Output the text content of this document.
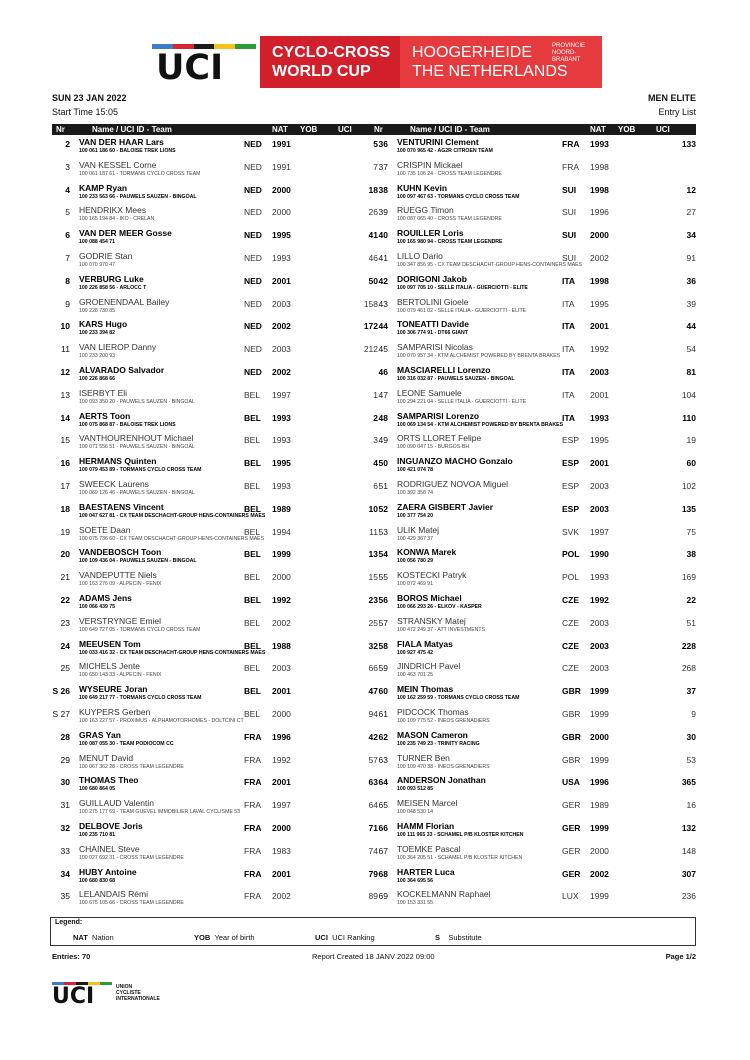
UCI	CYCLO-CROSS
WORLD CUP
HOOGERHEIDE
THE NETHERLANDS
PROVINCIE
NOORD-BRABANT
SUN 23 JAN 2022
Start Time 15:05
MEN ELITE
Entry List
Nr	Name / UCI ID - Team	NAT YOB	UCI
2 VAN DER HAAR Lars
100 061 186 60 - BALOISE TREK LIONS
NED 1991	5
3 VAN KESSEL Corne
100 061 187 61 - TORMANS CYCLO CROSS TEAM
NED 1991	7
4 KAMP Ryan
100 233 563 66 - PAUWELS SAUZEN - BINGOAL
NED 2000	18
5 HENDRIKX Mees
100 165 194 84 - IKO - CRELAN
NED 2000	26
6 VAN DER MEER Gosse
100 088 454 71
NED 1995	41
7 GODRIE Stan
100 070 970 47
NED 1993	46
8 VERBURG Luke
100 226 858 56 - ARLOCC T
NED 2001	50
9 GROENENDAAL Bailey
100 228 730 85
NED 2003	158
10 KARS Hugo
100 233 394 82
NED 2002	172
11 VAN LIEROP Danny
100 233 200 93
NED 2003	212
12 ALVARADO Salvador
100 226 868 66
NED 2002
13 ISERBYT Eli
100 093 350 20 - PAUWELS SAUZEN - BINGOAL
BEL 1997	1
14 AERTS Toon
100 075 868 87 - BALOISE TREK LIONS
BEL 1993	2
15 VANTHOURENHOUT Michael
100 071 556 51 - PAUWELS SAUZEN - BINGOAL
BEL 1993	3
16 HERMANS Quinten
100 079 453 89 - TORMANS CYCLO CROSS TEAM
BEL 1995	4
17 SWEECK Laurens
100 069 126 46 - PAUWELS SAUZEN - BINGOAL
BEL 1993	6
18 BAESTAENS Vincent
100 047 627 81 - CX TEAM DESCHACHT-GROUP HENS-CONTAINERS MAES
BEL 1989	10
19 SOETE Daan
100 075 736 60 - CX TEAM DESCHACHT-GROUP HENS-CONTAINERS MAES
BEL 1994	11
20 VANDEBOSCH Toon
100 109 436 04 - PAUWELS SAUZEN - BINGOAL
BEL 1999	13
21 VANDEPUTTE Niels
100 163 276 09 - ALPECIN - FENIX
BEL 2000	15
22 ADAMS Jens
100 066 439 75
BEL 1992	23
23 VERSTRYNGE Emiel
100 649 727 05 - TORMANS CYCLO CROSS TEAM
BEL 2002	25
24 MEEUSEN Tom
100 033 416 32 - CX TEAM DESCHACHT-GROUP HENS-CONTAINERS MAES
BEL 1988	32
25 MICHELS Jente
100 650 143 33 - ALPECIN - FENIX
BEL 2003	66
S 26 WYSEURE Joran
100 649 217 77 - TORMANS CYCLO CROSS TEAM
BEL 2001	47
S 27 KUYPERS Gerben
100 163 227 57 - PROXIMUS - ALPHAMOTORHOMES - DOLTCINI CT
BEL 2000	94
28 GRAS Yan
100 087 055 30 - TEAM PODIOCOM CC
FRA 1996	42
29 MENUT David
100 067 362 28 - CROSS TEAM LEGENDRE
FRA 1992	57
30 THOMAS Theo
100 680 864 05
FRA 2001	63
31 GUILLAUD Valentin
100 275 177 69 - TEAM GUEVEL IMMOBILIER LAVAL CYCLISME 53
FRA 1997	64
32 DELBOVE Joris
100 235 710 81
FRA 2000	71
33 CHAINEL Steve
100 027 692 31 - CROSS TEAM LEGENDRE
FRA 1983	74
34 HUBY Antoine
100 680 830 68
FRA 2001	79
35 LELANDAIS Rémi
100 675 105 66 - CROSS TEAM LEGENDRE
FRA 2002	89
Nr	Name / UCI ID - Team	NAT YOB	UCI
36 VENTURINI Clement
100 070 965 42 - AG2R CITROEN TEAM
FRA 1993	133
37 CRISPIN Mickael
100 735 106 24 - CROSS TEAM LEGENDRE
FRA 1998
38 KUHN Kevin
100 097 467 63 - TORMANS CYCLO CROSS TEAM
SUI 1998	12
39 RUEGG Timon
100 087 065 40 - CROSS TEAM LEGENDRE
SUI 1996	27
40 ROUILLER Loris
100 165 980 94 - CROSS TEAM LEGENDRE
SUI 2000	34
41 LILLO Dario
100 347 856 95 - CX TEAM DESCHACHT-GROUP HENS-CONTAINERS MAES
SUI 2002	91
42 DORIGONI Jakob
100 097 705 10 - SELLE ITALIA - GUERCIOTTI - ELITE
ITA 1998	36
43 BERTOLINI Gioele
100 079 461 02 - SELLE ITALIA - GUERCIOTTI - ELITE
ITA 1995	39
44 TONEATTI Davide
100 306 774 91 - DT66 GIANT
ITA 2001	44
45 SAMPARISI Nicolas
100 070 957 34 - KTM ALCHEMIST POWERED BY BRENTA BRAKES
ITA 1992	54
46 MASCIARELLI Lorenzo
100 316 032 87 - PAUWELS SAUZEN - BINGOAL
ITA 2003	81
47 LEONE Samuele
100 294 221 04 - SELLE ITALIA - GUERCIOTTI - ELITE
ITA 2001	104
48 SAMPARISI Lorenzo
100 069 134 54 - KTM ALCHEMIST POWERED BY BRENTA BRAKES
ITA 1993	110
49 ORTS LLORET Felipe
100 090 047 15 - BURGOS-BH
ESP 1995	19
50 INGUANZO MACHO Gonzalo
100 421 074 78
ESP 2001	60
51 RODRIGUEZ NOVOA Miguel
100 392 358 74
ESP 2003	102
52 ZAERA GISBERT Javier
100 377 754 20
ESP 2003	135
53 ULIK Matej
100 429 367 37
SVK 1997	75
54 KONWA Marek
100 056 780 29
POL 1990	38
55 KOSTECKI Patryk
100 072 469 91
POL 1993	169
56 BOROS Michael
100 066 293 26 - ELKOV - KASPER
CZE 1992	22
57 STRANSKY Matej
100 472 249 37 - ATT INVESTMENTS
CZE 2003	51
58 FIALA Matyas
100 927 475 42
CZE 2003	228
59 JINDRICH Pavel
100 463 701 25
CZE 2003	268
60 MEIN Thomas
100 162 259 59 - TORMANS CYCLO CROSS TEAM
GBR 1999	37
61 PIDCOCK Thomas
100 109 775 52 - INEOS GRENADIERS
GBR 1999	9
62 MASON Cameron
100 235 749 23 - TRINITY RACING
GBR 2000	30
63 TURNER Ben
100 109 470 38 - INEOS GRENADIERS
GBR 1999	53
64 ANDERSON Jonathan
100 093 512 85
USA 1996	365
65 MEISEN Marcel
100 048 530 14
GER 1989	16
66 HAMM Florian
100 111 965 33 - SCHAMEL P/B KLOSTER KITCHEN
GER 1999	132
67 TOEMKE Pascal
100 364 205 51 - SCHAMEL P/B KLOSTER KITCHEN
GER 2000	148
68 HARTER Luca
100 364 695 56
GER 2002	307
69 KOCKELMANN Raphael
100 153 331 55
LUX 1999	236
Legend:
NAT Nation	YOB Year of birth	UCI UCI Ranking	S Substitute
Entries: 70	Report Created 18 JANV 2022 09:00	Page 1/2
UCI	UNION
CYCLISTE
INTERNATIONALE
